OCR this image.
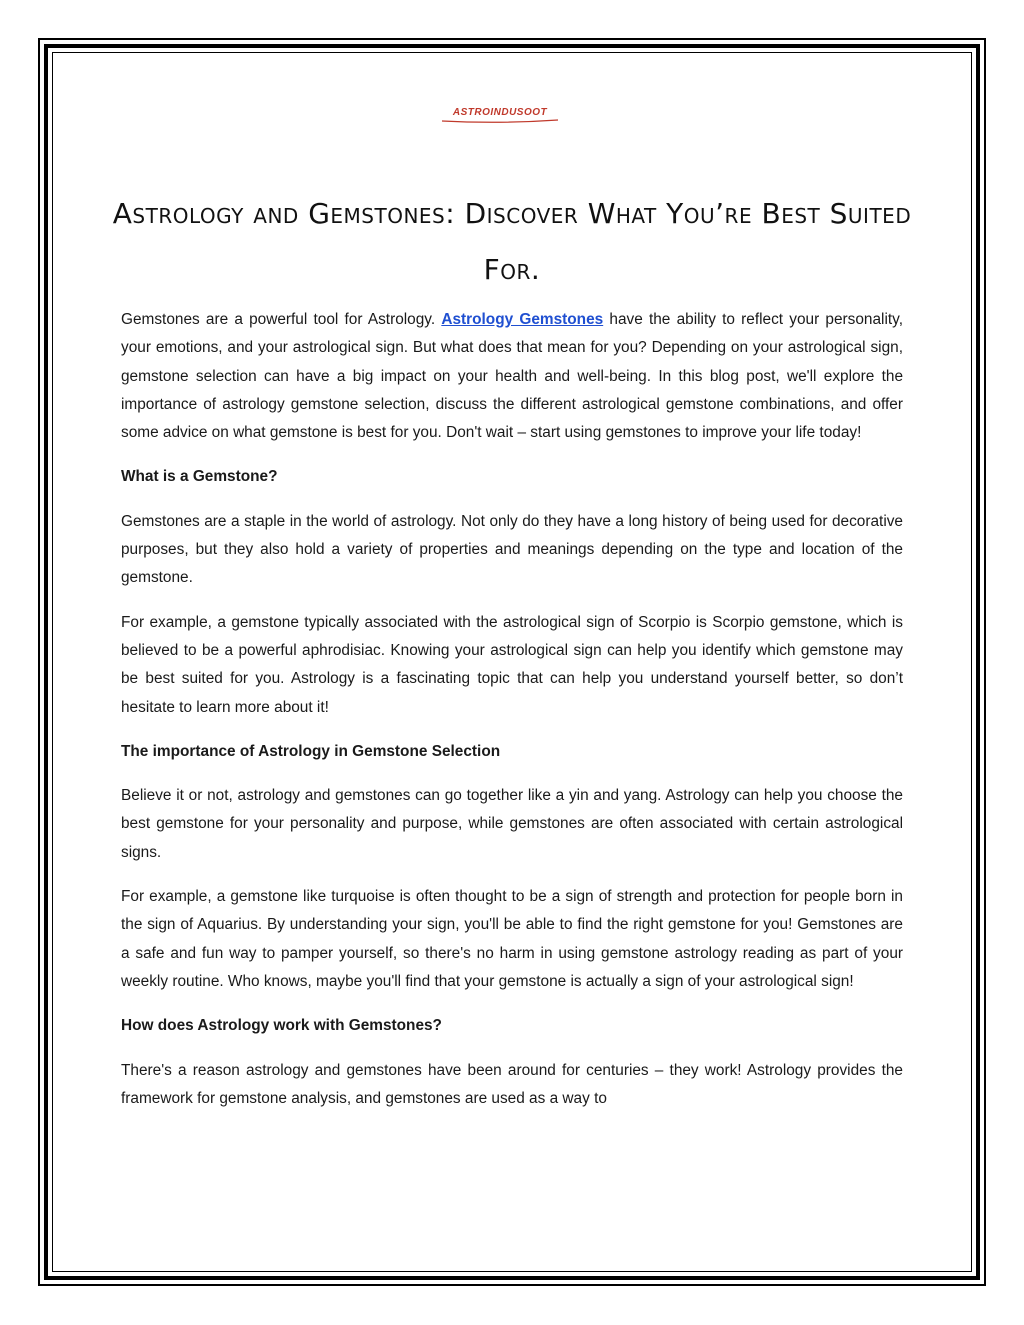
ASTROINDUSOOT
Astrology and Gemstones: Discover What You’re Best Suited For.

Gemstones are a powerful tool for Astrology. Astrology Gemstones have the ability to reflect your personality, your emotions, and your astrological sign. But what does that mean for you? Depending on your astrological sign, gemstone selection can have a big impact on your health and well-being. In this blog post, we'll explore the importance of astrology gemstone selection, discuss the different astrological gemstone combinations, and offer some advice on what gemstone is best for you. Don't wait – start using gemstones to improve your life today!

What is a Gemstone?

Gemstones are a staple in the world of astrology. Not only do they have a long history of being used for decorative purposes, but they also hold a variety of properties and meanings depending on the type and location of the gemstone.

For example, a gemstone typically associated with the astrological sign of Scorpio is Scorpio gemstone, which is believed to be a powerful aphrodisiac. Knowing your astrological sign can help you identify which gemstone may be best suited for you. Astrology is a fascinating topic that can help you understand yourself better, so don’t hesitate to learn more about it!

The importance of Astrology in Gemstone Selection

Believe it or not, astrology and gemstones can go together like a yin and yang. Astrology can help you choose the best gemstone for your personality and purpose, while gemstones are often associated with certain astrological signs.

For example, a gemstone like turquoise is often thought to be a sign of strength and protection for people born in the sign of Aquarius. By understanding your sign, you'll be able to find the right gemstone for you! Gemstones are a safe and fun way to pamper yourself, so there's no harm in using gemstone astrology reading as part of your weekly routine. Who knows, maybe you'll find that your gemstone is actually a sign of your astrological sign!

How does Astrology work with Gemstones?

There's a reason astrology and gemstones have been around for centuries – they work! Astrology provides the framework for gemstone analysis, and gemstones are used as a way to
